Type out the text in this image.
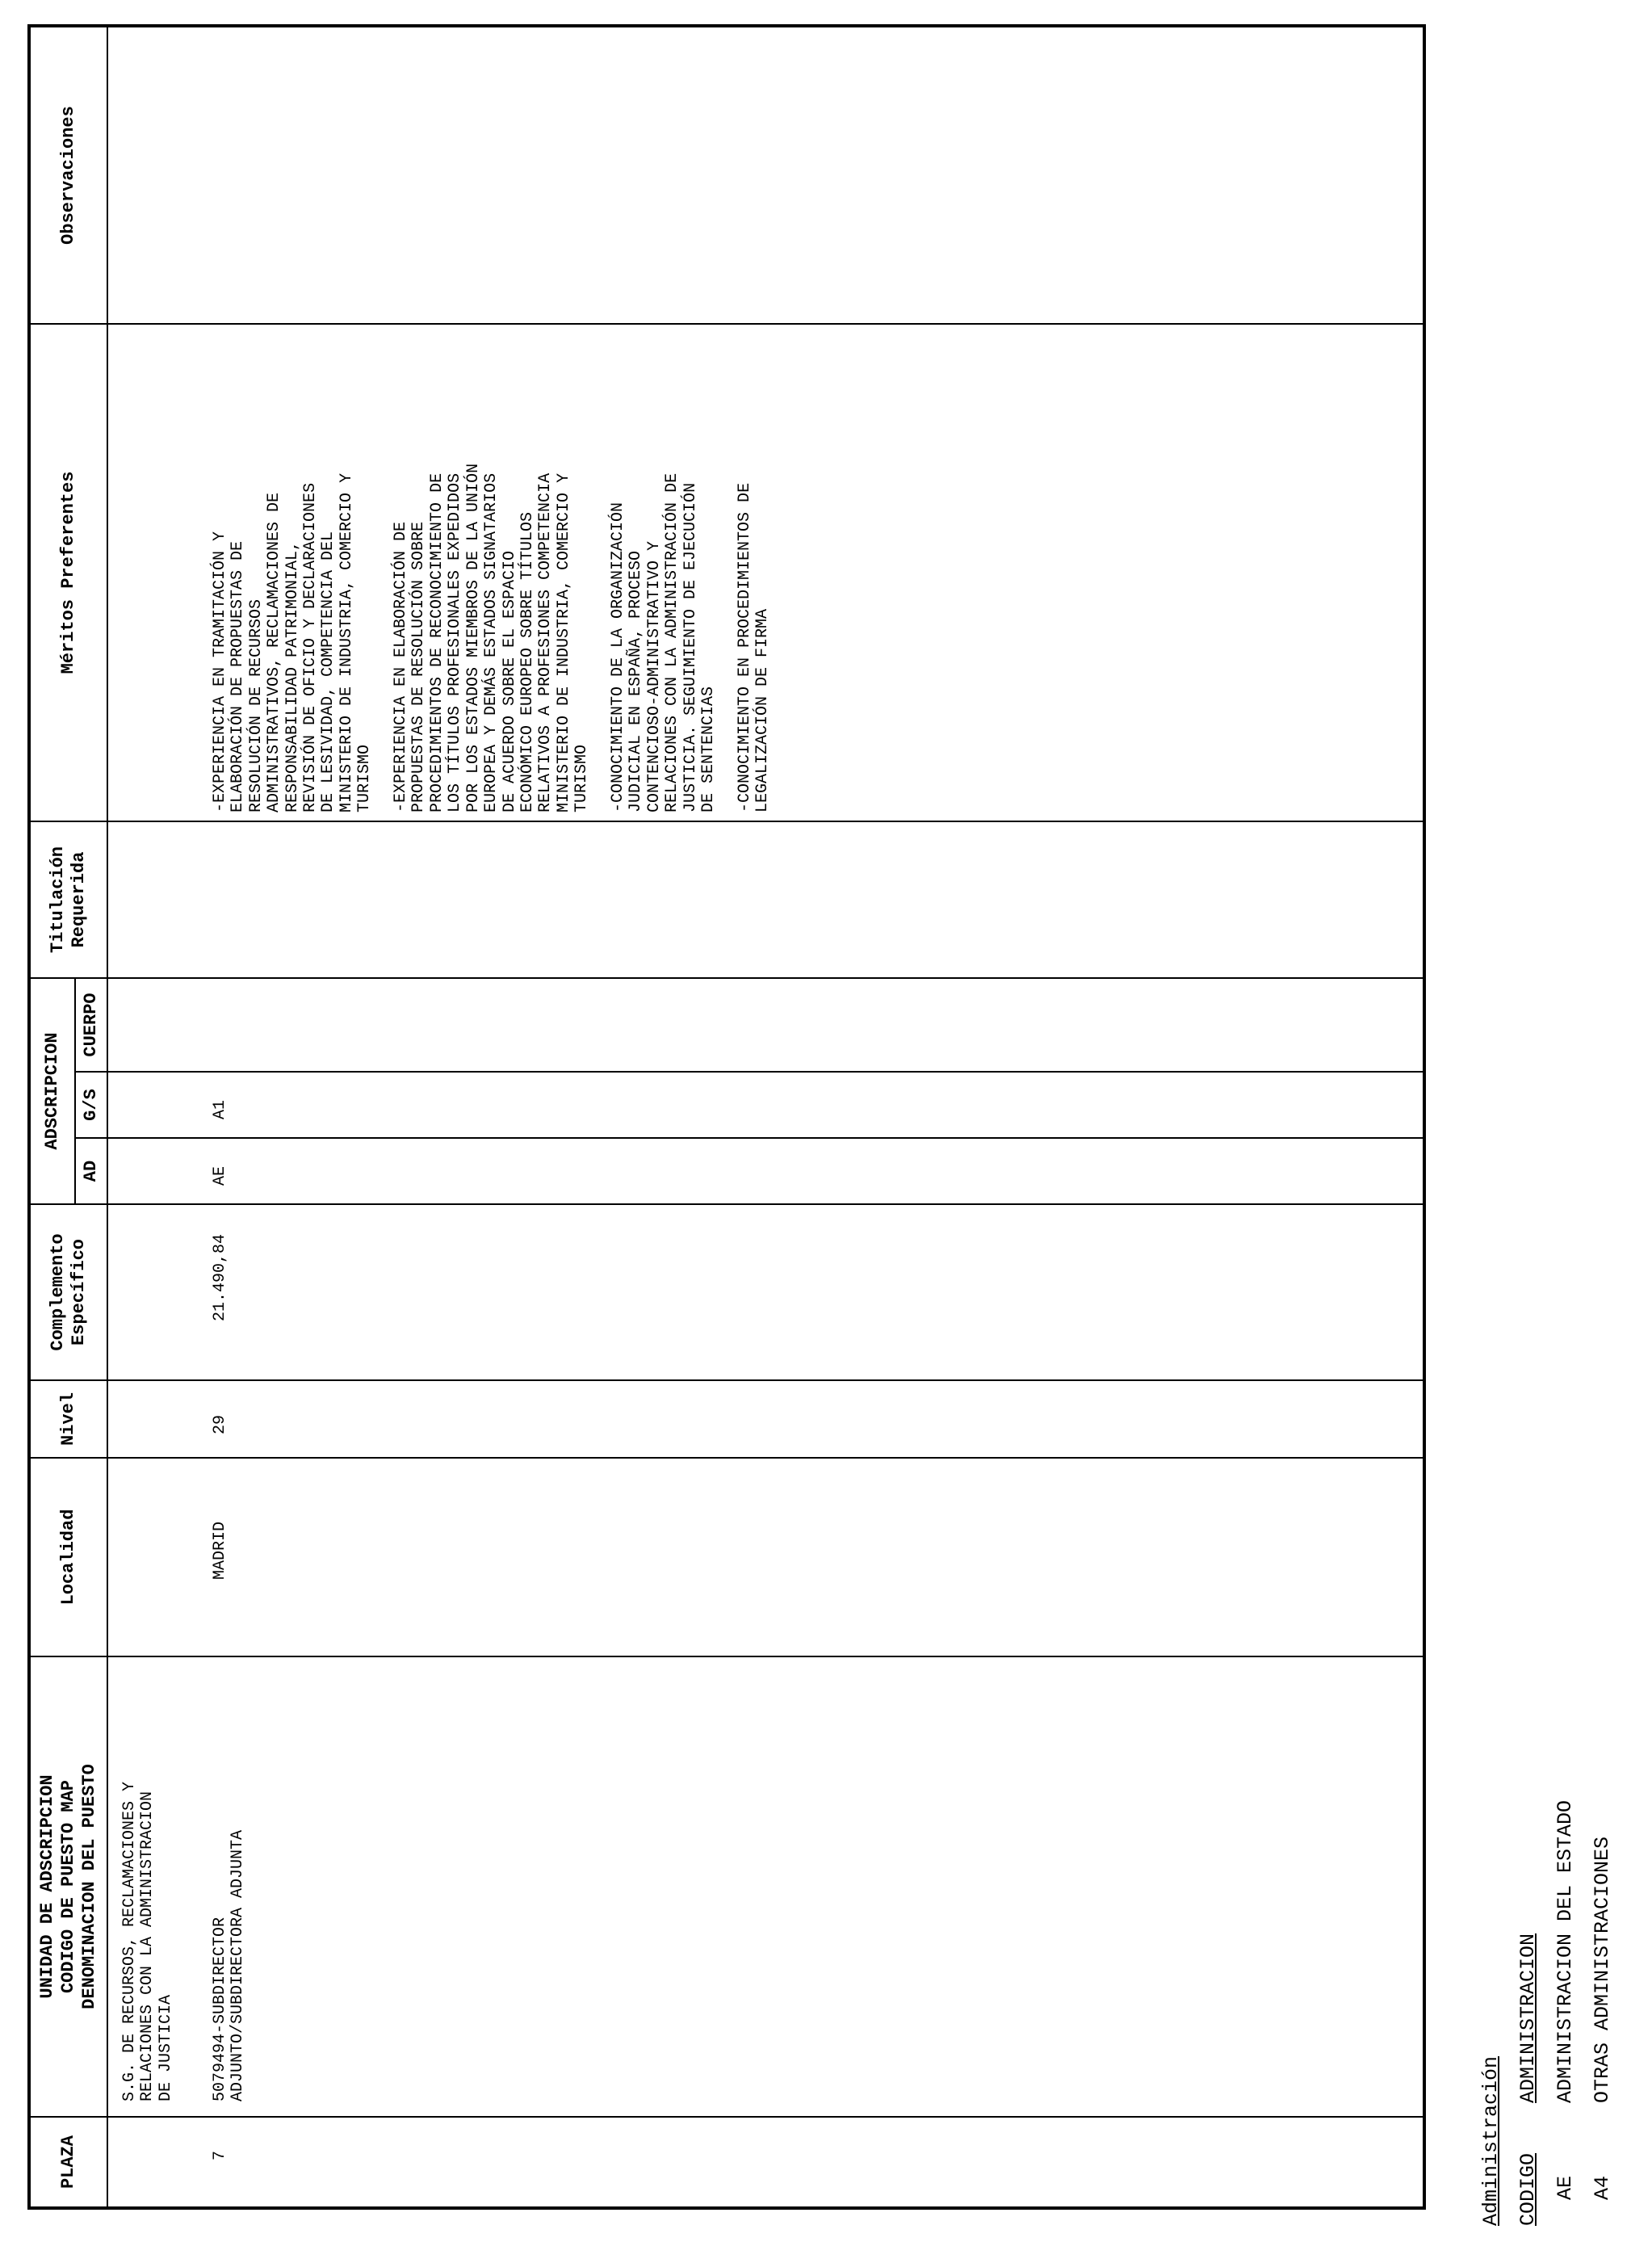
PLAZA
UNIDAD DE ADSCRIPCION
CODIGO DE PUESTO MAP
DENOMINACION DEL PUESTO
Localidad
Nivel
Complemento
Específico
ADSCRIPCION
AD
G/S
CUERPO
Titulación
Requerida
Méritos Preferentes
Observaciones
S.G. DE RECURSOS, RECLAMACIONES Y
RELACIONES CON LA ADMINISTRACION
DE JUSTICIA
7
5079494-SUBDIRECTOR
ADJUNTO/SUBDIRECTORA ADJUNTA
MADRID
29
21.490,84
AE
A1
-EXPERIENCIA EN TRAMITACIÓN Y
ELABORACIÓN DE PROPUESTAS DE
RESOLUCIÓN DE RECURSOS
ADMINISTRATIVOS, RECLAMACIONES DE
RESPONSABILIDAD PATRIMONIAL,
REVISIÓN DE OFICIO Y DECLARACIONES
DE LESIVIDAD, COMPETENCIA DEL
MINISTERIO DE INDUSTRIA, COMERCIO Y
TURISMO

-EXPERIENCIA EN ELABORACIÓN DE
PROPUESTAS DE RESOLUCIÓN SOBRE
PROCEDIMIENTOS DE RECONOCIMIENTO DE
LOS TÍTULOS PROFESIONALES EXPEDIDOS
POR LOS ESTADOS MIEMBROS DE LA UNIÓN
EUROPEA Y DEMÁS ESTADOS SIGNATARIOS
DE ACUERDO SOBRE EL ESPACIO
ECONÓMICO EUROPEO SOBRE TÍTULOS
RELATIVOS A PROFESIONES COMPETENCIA
MINISTERIO DE INDUSTRIA, COMERCIO Y
TURISMO

-CONOCIMIENTO DE LA ORGANIZACIÓN
JUDICIAL EN ESPAÑA, PROCESO
CONTENCIOSO-ADMINISTRATIVO Y
RELACIONES CON LA ADMINISTRACIÓN DE
JUSTICIA. SEGUIMIENTO DE EJECUCIÓN
DE SENTENCIAS

-CONOCIMIENTO EN PROCEDIMIENTOS DE
LEGALIZACIÓN DE FIRMA
Administración CODIGO
ADMINISTRACION
AE
ADMINISTRACION DEL ESTADO
A4
OTRAS ADMINISTRACIONES
